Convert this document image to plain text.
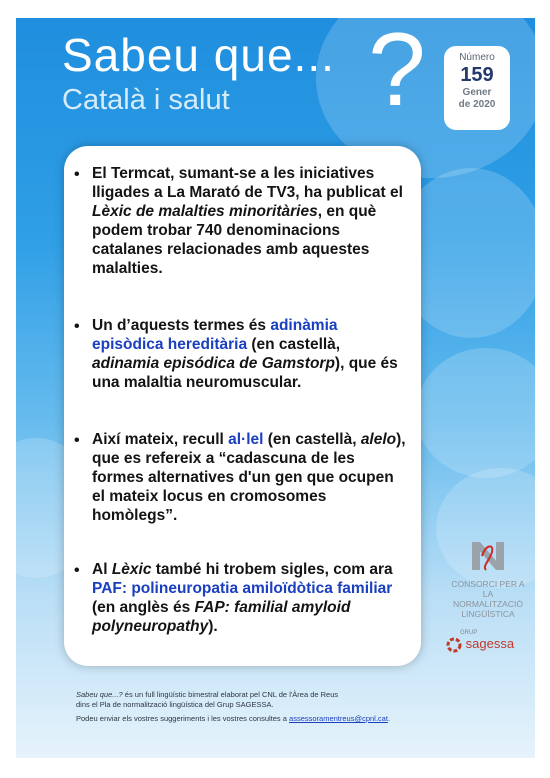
Sabeu que... ?
Català i salut
Número
159
Gener
de 2020
• El Termcat, sumant-se a les iniciatives lligades a La Marató de TV3, ha publicat el Lèxic de malalties minoritàries, en què podem trobar 740 denominacions catalanes relacionades amb aquestes malalties.
• Un d’aquests termes és adinàmia episòdica hereditària (en castellà, adinamia episódica de Gamstorp), que és una malaltia neuromuscular.
• Així mateix, recull al·lel (en castellà, alelo), que es refereix a “cadascuna de les formes alternatives d'un gen que ocupen el mateix locus en cromosomes homòlegs”.
• Al Lèxic també hi trobem sigles, com ara PAF: polineuropatia amiloïdòtica familiar (en anglès és FAP: familial amyloid polyneuropathy).
CONSORCI PER A
LA NORMALITZACIÓ
LINGÜÍSTICA
GRUP
sagessa
Sabeu que...? és un full lingüístic bimestral elaborat pel CNL de l'Àrea de Reus
dins el Pla de normalització lingüística del Grup SAGESSA.
Podeu enviar els vostres suggeriments i les vostres consultes a assessoramentreus@cpnl.cat.
